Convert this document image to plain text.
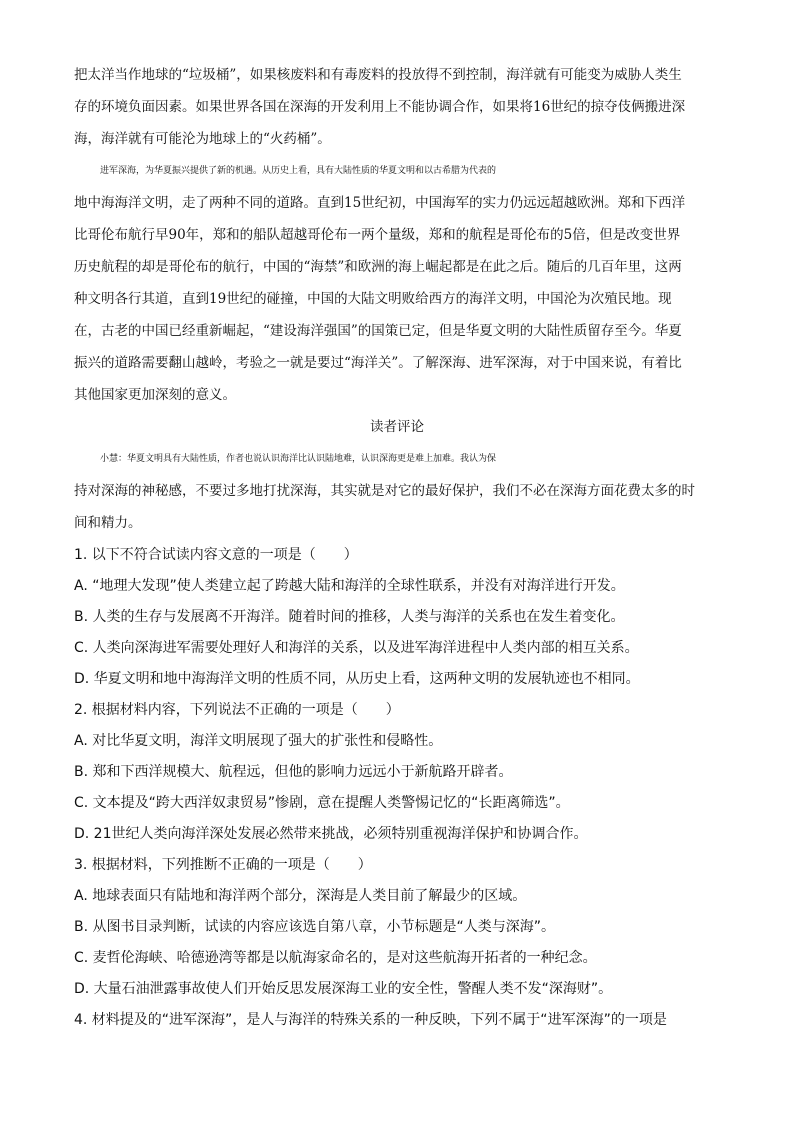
把太洋当作地球的“垃圾桶”，如果核废料和有毒废料的投放得不到控制，海洋就有可能变为威胁人类生
存的环境负面因素。如果世界各国在深海的开发利用上不能协调合作，如果将16世纪的掠夺伎俩搬进深
海，海洋就有可能沦为地球上的“火药桶”。
进军深海，为华夏振兴提供了新的机遇。从历史上看，具有大陆性质的华夏文明和以古希腊为代表的
地中海海洋文明，走了两种不同的道路。直到15世纪初，中国海军的实力仍远远超越欧洲。郑和下西洋
比哥伦布航行早90年，郑和的船队超越哥伦布一两个量级，郑和的航程是哥伦布的5倍，但是改变世界
历史航程的却是哥伦布的航行，中国的“海禁”和欧洲的海上崛起都是在此之后。随后的几百年里，这两
种文明各行其道，直到19世纪的碰撞，中国的大陆文明败给西方的海洋文明，中国沦为次殖民地。现
在，古老的中国已经重新崛起，“建设海洋强国”的国策已定，但是华夏文明的大陆性质留存至今。华夏
振兴的道路需要翻山越岭，考验之一就是要过“海洋关”。了解深海、进军深海，对于中国来说，有着比
其他国家更加深刻的意义。
读者评论
小慧：华夏文明具有大陆性质，作者也说认识海洋比认识陆地难，认识深海更是难上加难。我认为保
持对深海的神秘感，不要过多地打扰深海，其实就是对它的最好保护，我们不必在深海方面花费太多的时
间和精力。
1. 以下不符合试读内容文意的一项是（　　）
A. “地理大发现”使人类建立起了跨越大陆和海洋的全球性联系，并没有对海洋进行开发。
B. 人类的生存与发展离不开海洋。随着时间的推移，人类与海洋的关系也在发生着变化。
C. 人类向深海进军需要处理好人和海洋的关系，以及进军海洋进程中人类内部的相互关系。
D. 华夏文明和地中海海洋文明的性质不同，从历史上看，这两种文明的发展轨迹也不相同。
2. 根据材料内容，下列说法不正确的一项是（　　）
A. 对比华夏文明，海洋文明展现了强大的扩张性和侵略性。
B. 郑和下西洋规模大、航程远，但他的影响力远远小于新航路开辟者。
C. 文本提及“跨大西洋奴隶贸易”惨剧，意在提醒人类警惕记忆的“长距离筛选”。
D. 21世纪人类向海洋深处发展必然带来挑战，必须特别重视海洋保护和协调合作。
3. 根据材料，下列推断不正确的一项是（　　）
A. 地球表面只有陆地和海洋两个部分，深海是人类目前了解最少的区域。
B. 从图书目录判断，试读的内容应该选自第八章，小节标题是“人类与深海”。
C. 麦哲伦海峡、哈德逊湾等都是以航海家命名的，是对这些航海开拓者的一种纪念。
D. 大量石油泄露事故使人们开始反思发展深海工业的安全性，警醒人类不发“深海财”。
4. 材料提及的“进军深海”，是人与海洋的特殊关系的一种反映，下列不属于“进军深海”的一项是
